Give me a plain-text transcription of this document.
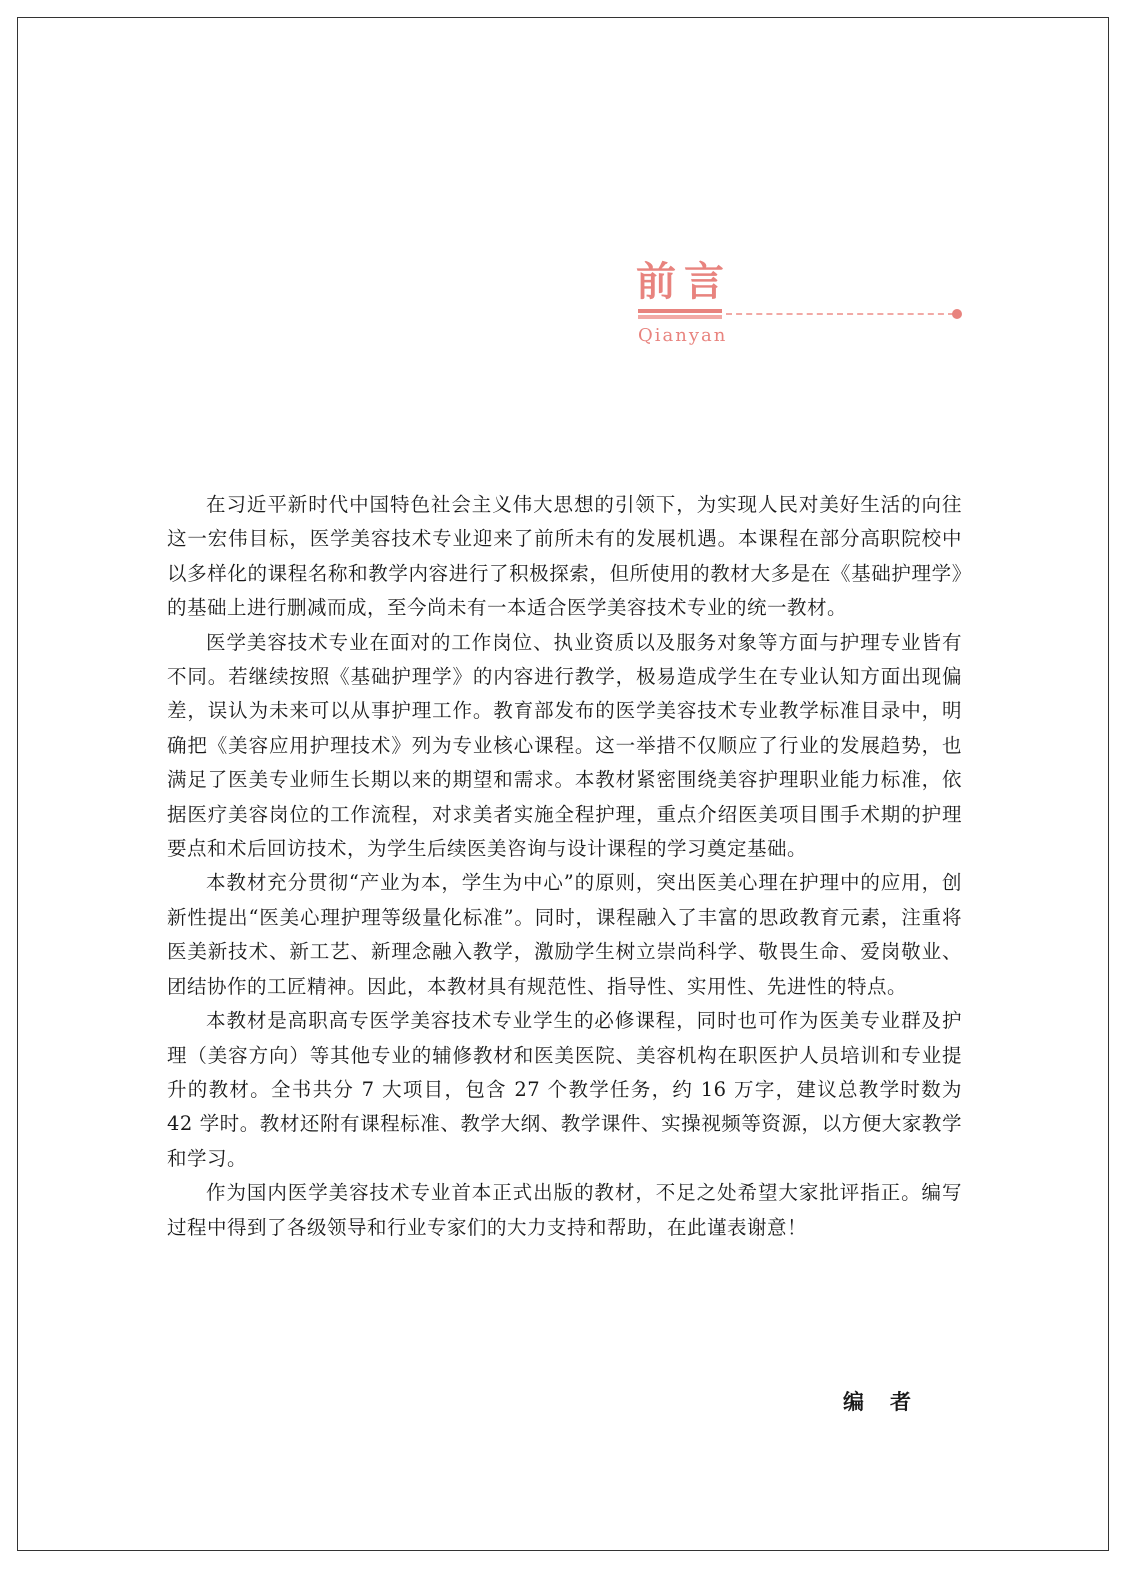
前言
Qianyan

在习近平新时代中国特色社会主义伟大思想的引领下，为实现人民对美好生活的向往这一宏伟目标，医学美容技术专业迎来了前所未有的发展机遇。本课程在部分高职院校中以多样化的课程名称和教学内容进行了积极探索，但所使用的教材大多是在《基础护理学》的基础上进行删减而成，至今尚未有一本适合医学美容技术专业的统一教材。

医学美容技术专业在面对的工作岗位、执业资质以及服务对象等方面与护理专业皆有不同。若继续按照《基础护理学》的内容进行教学，极易造成学生在专业认知方面出现偏差，误认为未来可以从事护理工作。教育部发布的医学美容技术专业教学标准目录中，明确把《美容应用护理技术》列为专业核心课程。这一举措不仅顺应了行业的发展趋势，也满足了医美专业师生长期以来的期望和需求。本教材紧密围绕美容护理职业能力标准，依据医疗美容岗位的工作流程，对求美者实施全程护理，重点介绍医美项目围手术期的护理要点和术后回访技术，为学生后续医美咨询与设计课程的学习奠定基础。

本教材充分贯彻“产业为本，学生为中心”的原则，突出医美心理在护理中的应用，创新性提出“医美心理护理等级量化标准”。同时，课程融入了丰富的思政教育元素，注重将医美新技术、新工艺、新理念融入教学，激励学生树立崇尚科学、敬畏生命、爱岗敬业、团结协作的工匠精神。因此，本教材具有规范性、指导性、实用性、先进性的特点。

本教材是高职高专医学美容技术专业学生的必修课程，同时也可作为医美专业群及护理（美容方向）等其他专业的辅修教材和医美医院、美容机构在职医护人员培训和专业提升的教材。全书共分 7 大项目，包含 27 个教学任务，约 16 万字，建议总教学时数为 42 学时。教材还附有课程标准、教学大纲、教学课件、实操视频等资源，以方便大家教学和学习。

作为国内医学美容技术专业首本正式出版的教材，不足之处希望大家批评指正。编写过程中得到了各级领导和行业专家们的大力支持和帮助，在此谨表谢意！

编者
